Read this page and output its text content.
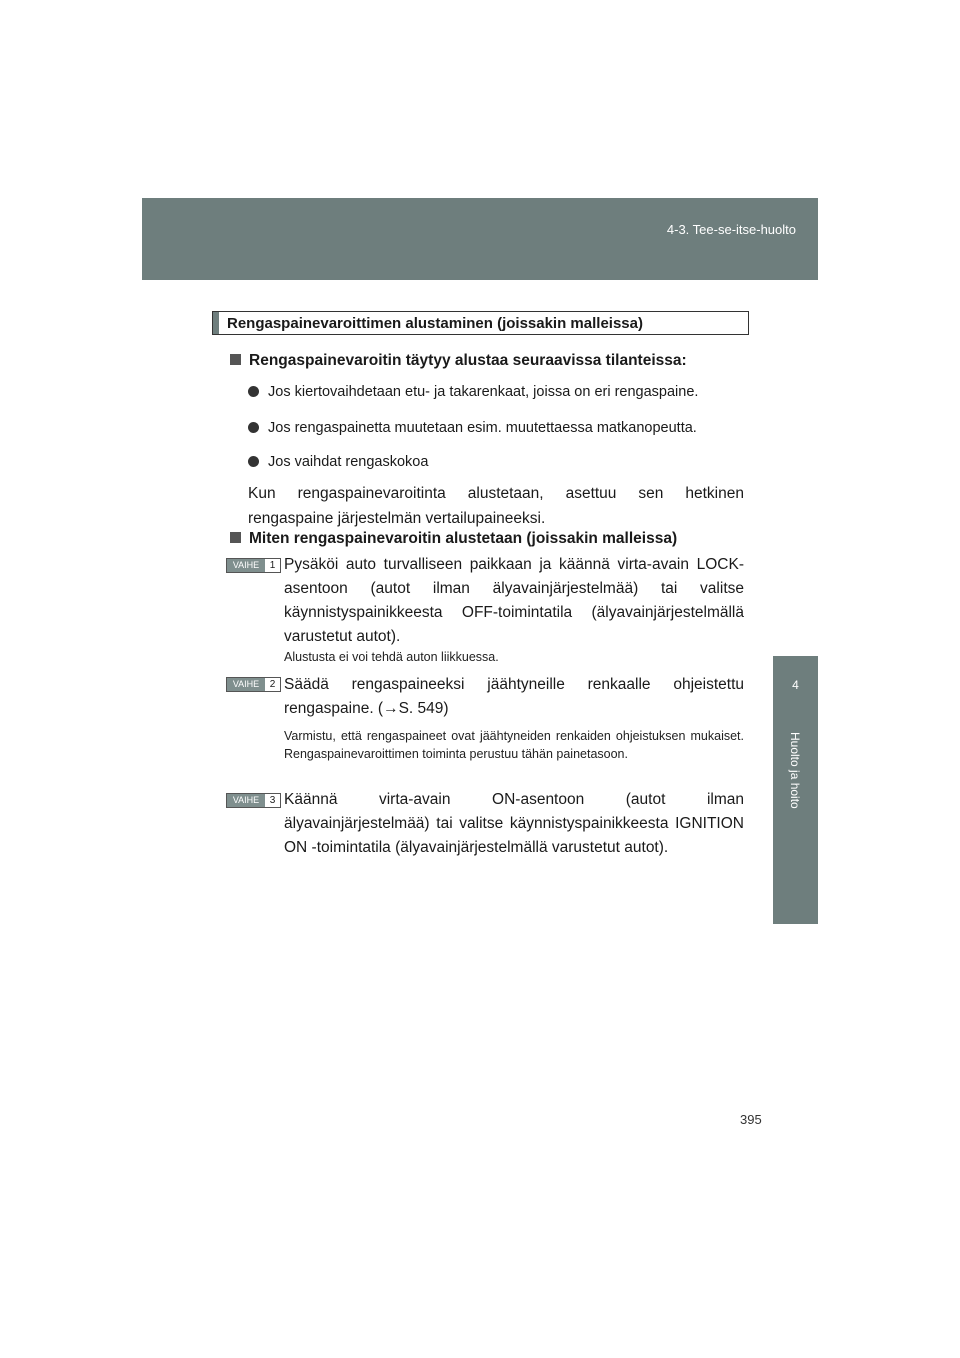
4-3. Tee-se-itse-huolto
4
Huolto ja hoito
Rengaspainevaroittimen alustaminen (joissakin malleissa)
Rengaspainevaroitin täytyy alustaa seuraavissa tilanteissa:
Jos kiertovaihdetaan etu- ja takarenkaat, joissa on eri rengaspaine.
Jos rengaspainetta muutetaan esim. muutettaessa matkanopeutta.
Jos vaihdat rengaskokoa
Kun rengaspainevaroitinta alustetaan, asettuu sen hetkinen rengaspaine järjestelmän vertailupaineeksi.
Miten rengaspainevaroitin alustetaan (joissakin malleissa)
VAIHE	1 Pysäköi auto turvalliseen paikkaan ja käännä virta-avain LOCK-asentoon (autot ilman älyavainjärjestelmää) tai valitse käynnistyspainikkeesta OFF-toimintatila (älyavainjärjestelmällä varustetut autot).
Alustusta ei voi tehdä auton liikkuessa.
VAIHE	2 Säädä rengaspaineeksi jäähtyneille renkaalle ohjeistettu rengaspaine. (→S. 549)
Varmistu, että rengaspaineet ovat jäähtyneiden renkaiden ohjeistuksen mukaiset. Rengaspainevaroittimen toiminta perustuu tähän painetasoon.
VAIHE	3 Käännä virta-avain ON-asentoon (autot ilman älyavainjärjestelmää) tai valitse käynnistyspainikkeesta IGNITION ON -toimintatila (älyavainjärjestelmällä varustetut autot).
395
